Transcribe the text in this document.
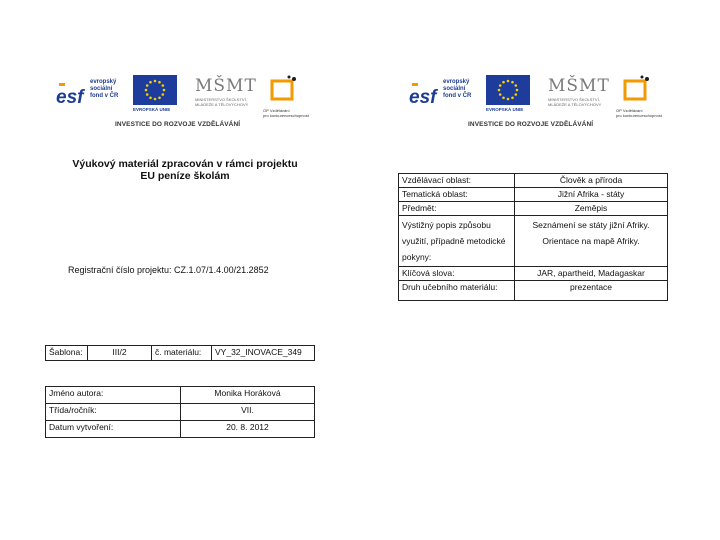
esf
evropský
sociální
fond v ČR
EVROPSKÁ UNIE
MŠMT
MINISTERSTVO ŠKOLSTVÍ,
MLÁDEŽE A TĚLOVÝCHOVY
OP Vzdělávání
pro konkurenceschopnost
INVESTICE DO ROZVOJE VZDĚLÁVÁNÍ
esf
evropský
sociální
fond v ČR
EVROPSKÁ UNIE
MŠMT
MINISTERSTVO ŠKOLSTVÍ,
MLÁDEŽE A TĚLOVÝCHOVY
OP Vzdělávání
pro konkurenceschopnost
INVESTICE DO ROZVOJE VZDĚLÁVÁNÍ
Výukový materiál zpracován v rámci projektu
EU peníze školám
Registrační číslo projektu: CZ.1.07/1.4.00/21.2852
Šablona:	III/2	č. materiálu:	VY_32_INOVACE_349
Jméno autora:	Monika Horáková
Třída/ročník:	VII.
Datum vytvoření:	20. 8. 2012
Vzdělávací oblast:	Člověk a příroda
Tematická oblast:	Jižní Afrika - státy
Předmět:	Zeměpis
Výstižný popis způsobu využití, případně metodické pokyny:	Seznámení se státy jižní Afriky. Orientace na mapě Afriky.
Klíčová slova:	JAR, apartheid, Madagaskar
Druh učebního materiálu:	prezentace
